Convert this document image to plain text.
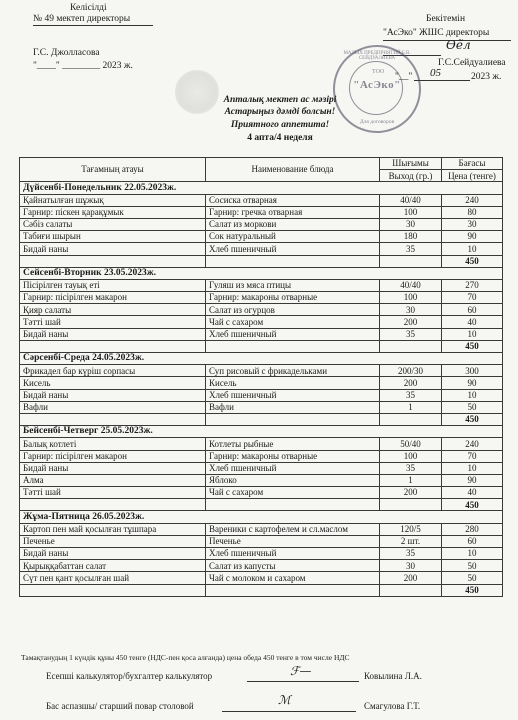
Келісілді
№ 49 мектеп директоры
Г.С. Джолласова
"____" ________ 2023 ж.
Бекітемін
"АсЭко" ЖШС директоры
Ѳе̃л
Г.С.Сейдуалиева
"__" 05	2023 ж.
МАЛЫХ ПРЕДПРИЯТИЙ Б.В. СЕЙДУАЛИЕВА
ТОО
"АсЭко"
Для договоров
Апталық мектеп ас мәзірі
Астарыңыз дәмді болсын!
Приятного аппетита!
4 апта/4 неделя
Тағамның атауы	Наименование блюда	Шығымы	Бағасы
		Выход (гр.)	Цена (тенге)
Дүйсенбі-Понедельник 22.05.2023ж.			
Қайнатылған шұжық	Сосиска отварная	40/40	240
Гарнир: піскен қарақұмык	Гарнир: гречка отварная	100	80
Сәбіз салаты	Салат из моркови	30	30
Табиғи шырын	Сок натуральный	180	90
Бидай наны	Хлеб пшеничный	35	10
			450
Сейсенбі-Вторник 23.05.2023ж.			
Пісірілген тауық еті	Гуляш из мяса птицы	40/40	270
Гарнир: пісірілген макарон	Гарнир: макароны отварные	100	70
Қияр салаты	Салат из огурцов	30	60
Тәтті шай	Чай с сахаром	200	40
Бидай наны	Хлеб пшеничный	35	10
			450
Сәрсенбі-Среда 24.05.2023ж.			
Фрикадел бар күріш сорпасы	Суп рисовый с фрикадельками	200/30	300
Кисель	Кисель	200	90
Бидай наны	Хлеб пшеничный	35	10
Вафли	Вафли	1	50
			450
Бейсенбі-Четверг 25.05.2023ж.			
Балық котлеті	Котлеты рыбные	50/40	240
Гарнир: пісірілген макарон	Гарнир: макароны отварные	100	70
Бидай наны	Хлеб пшеничный	35	10
Алма	Яблоко	1	90
Тәтті шай	Чай с сахаром	200	40
			450
Жұма-Пятница 26.05.2023ж.			
Картоп пен май қосылған тұшпара	Вареники с картофелем и сл.маслом	120/5	280
Печенье	Печенье	2 шт.	60
Бидай наны	Хлеб пшеничный	35	10
Қырыққабаттан салат	Салат из капусты	30	50
Сүт пен қант қосылған шай	Чай с молоком и сахаром	200	50
			450
Тамақтанудың 1 күндік құны 450 тенге (НДС-пен қоса алғанда) цена обеда 450 тенге в том числе НДС
Есепші калькулятор/бухгалтер калькулятор	ℱ—	Ковылина Л.А.
Бас аспазшы/ старший повар столовой	ℳ	Смагулова Г.Т.
